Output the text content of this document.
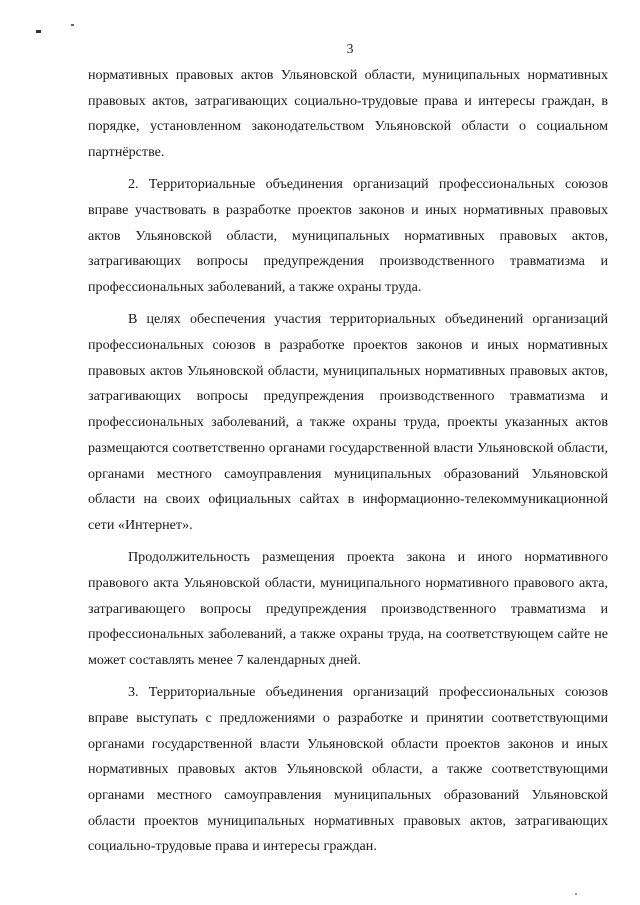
3

нормативных правовых актов Ульяновской области, муниципальных нормативных правовых актов, затрагивающих социально-трудовые права и интересы граждан, в порядке, установленном законодательством Ульяновской области о социальном партнёрстве.

2. Территориальные объединения организаций профессиональных союзов вправе участвовать в разработке проектов законов и иных нормативных правовых актов Ульяновской области, муниципальных нормативных правовых актов, затрагивающих вопросы предупреждения производственного травматизма и профессиональных заболеваний, а также охраны труда.

В целях обеспечения участия территориальных объединений организаций профессиональных союзов в разработке проектов законов и иных нормативных правовых актов Ульяновской области, муниципальных нормативных правовых актов, затрагивающих вопросы предупреждения производственного травматизма и профессиональных заболеваний, а также охраны труда, проекты указанных актов размещаются соответственно органами государственной власти Ульяновской области, органами местного самоуправления муниципальных образований Ульяновской области на своих официальных сайтах в информационно-телекоммуникационной сети «Интернет».

Продолжительность размещения проекта закона и иного нормативного правового акта Ульяновской области, муниципального нормативного правового акта, затрагивающего вопросы предупреждения производственного травматизма и профессиональных заболеваний, а также охраны труда, на соответствующем сайте не может составлять менее 7 календарных дней.

3. Территориальные объединения организаций профессиональных союзов вправе выступать с предложениями о разработке и принятии соответствующими органами государственной власти Ульяновской области проектов законов и иных нормативных правовых актов Ульяновской области, а также соответствующими органами местного самоуправления муниципальных образований Ульяновской области проектов муниципальных нормативных правовых актов, затрагивающих социально-трудовые права и интересы граждан.
